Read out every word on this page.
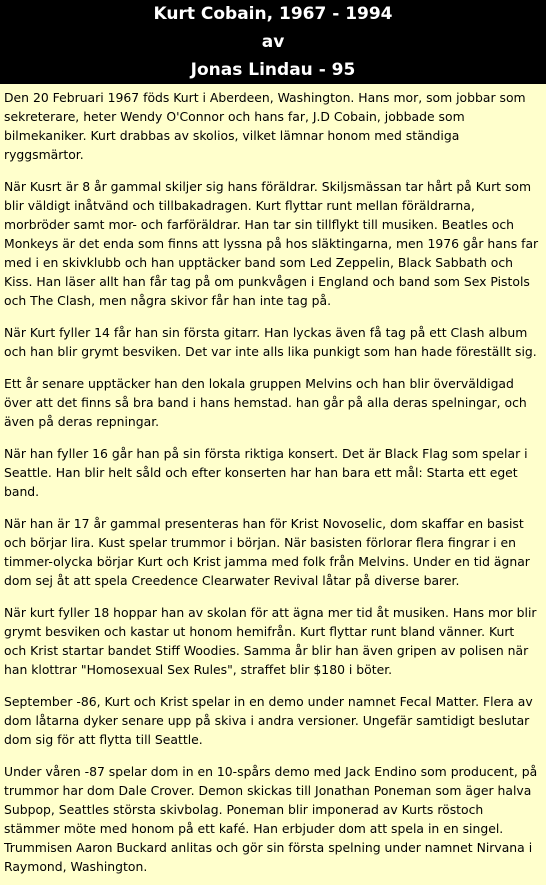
Kurt Cobain, 1967 - 1994
av
Jonas Lindau - 95

Den 20 Februari 1967 föds Kurt i Aberdeen, Washington. Hans mor, som jobbar som sekreterare, heter Wendy O'Connor och hans far, J.D Cobain, jobbade som bilmekaniker. Kurt drabbas av skolios, vilket lämnar honom med ständiga ryggsmärtor.

När Kusrt är 8 år gammal skiljer sig hans föräldrar. Skiljsmässan tar hårt på Kurt som blir väldigt inåtvänd och tillbakadragen. Kurt flyttar runt mellan föräldrarna, morbröder samt mor- och farföräldrar. Han tar sin tillflykt till musiken. Beatles och Monkeys är det enda som finns att lyssna på hos släktingarna, men 1976 går hans far med i en skivklubb och han upptäcker band som Led Zeppelin, Black Sabbath och Kiss. Han läser allt han får tag på om punkvågen i England och band som Sex Pistols och The Clash, men några skivor får han inte tag på.

När Kurt fyller 14 får han sin första gitarr. Han lyckas även få tag på ett Clash album och han blir grymt besviken. Det var inte alls lika punkigt som han hade föreställt sig.

Ett år senare upptäcker han den lokala gruppen Melvins och han blir överväldigad över att det finns så bra band i hans hemstad. han går på alla deras spelningar, och även på deras repningar.

När han fyller 16 går han på sin första riktiga konsert. Det är Black Flag som spelar i Seattle. Han blir helt såld och efter konserten har han bara ett mål: Starta ett eget band.

När han är 17 år gammal presenteras han för Krist Novoselic, dom skaffar en basist och börjar lira. Kust spelar trummor i början. När basisten förlorar flera fingrar i en timmer-olycka börjar Kurt och Krist jamma med folk från Melvins. Under en tid ägnar dom sej åt att spela Creedence Clearwater Revival låtar på diverse barer.

När kurt fyller 18 hoppar han av skolan för att ägna mer tid åt musiken. Hans mor blir grymt besviken och kastar ut honom hemifrån. Kurt flyttar runt bland vänner. Kurt och Krist startar bandet Stiff Woodies. Samma år blir han även gripen av polisen när han klottrar "Homosexual Sex Rules", straffet blir $180 i böter.

September -86, Kurt och Krist spelar in en demo under namnet Fecal Matter. Flera av dom låtarna dyker senare upp på skiva i andra versioner. Ungefär samtidigt beslutar dom sig för att flytta till Seattle.

Under våren -87 spelar dom in en 10-spårs demo med Jack Endino som producent, på trummor har dom Dale Crover. Demon skickas till Jonathan Poneman som äger halva Subpop, Seattles största skivbolag. Poneman blir imponerad av Kurts röstoch stämmer möte med honom på ett kafé. Han erbjuder dom att spela in en singel. Trummisen Aaron Buckard anlitas och gör sin första spelning under namnet Nirvana i Raymond, Washington.
